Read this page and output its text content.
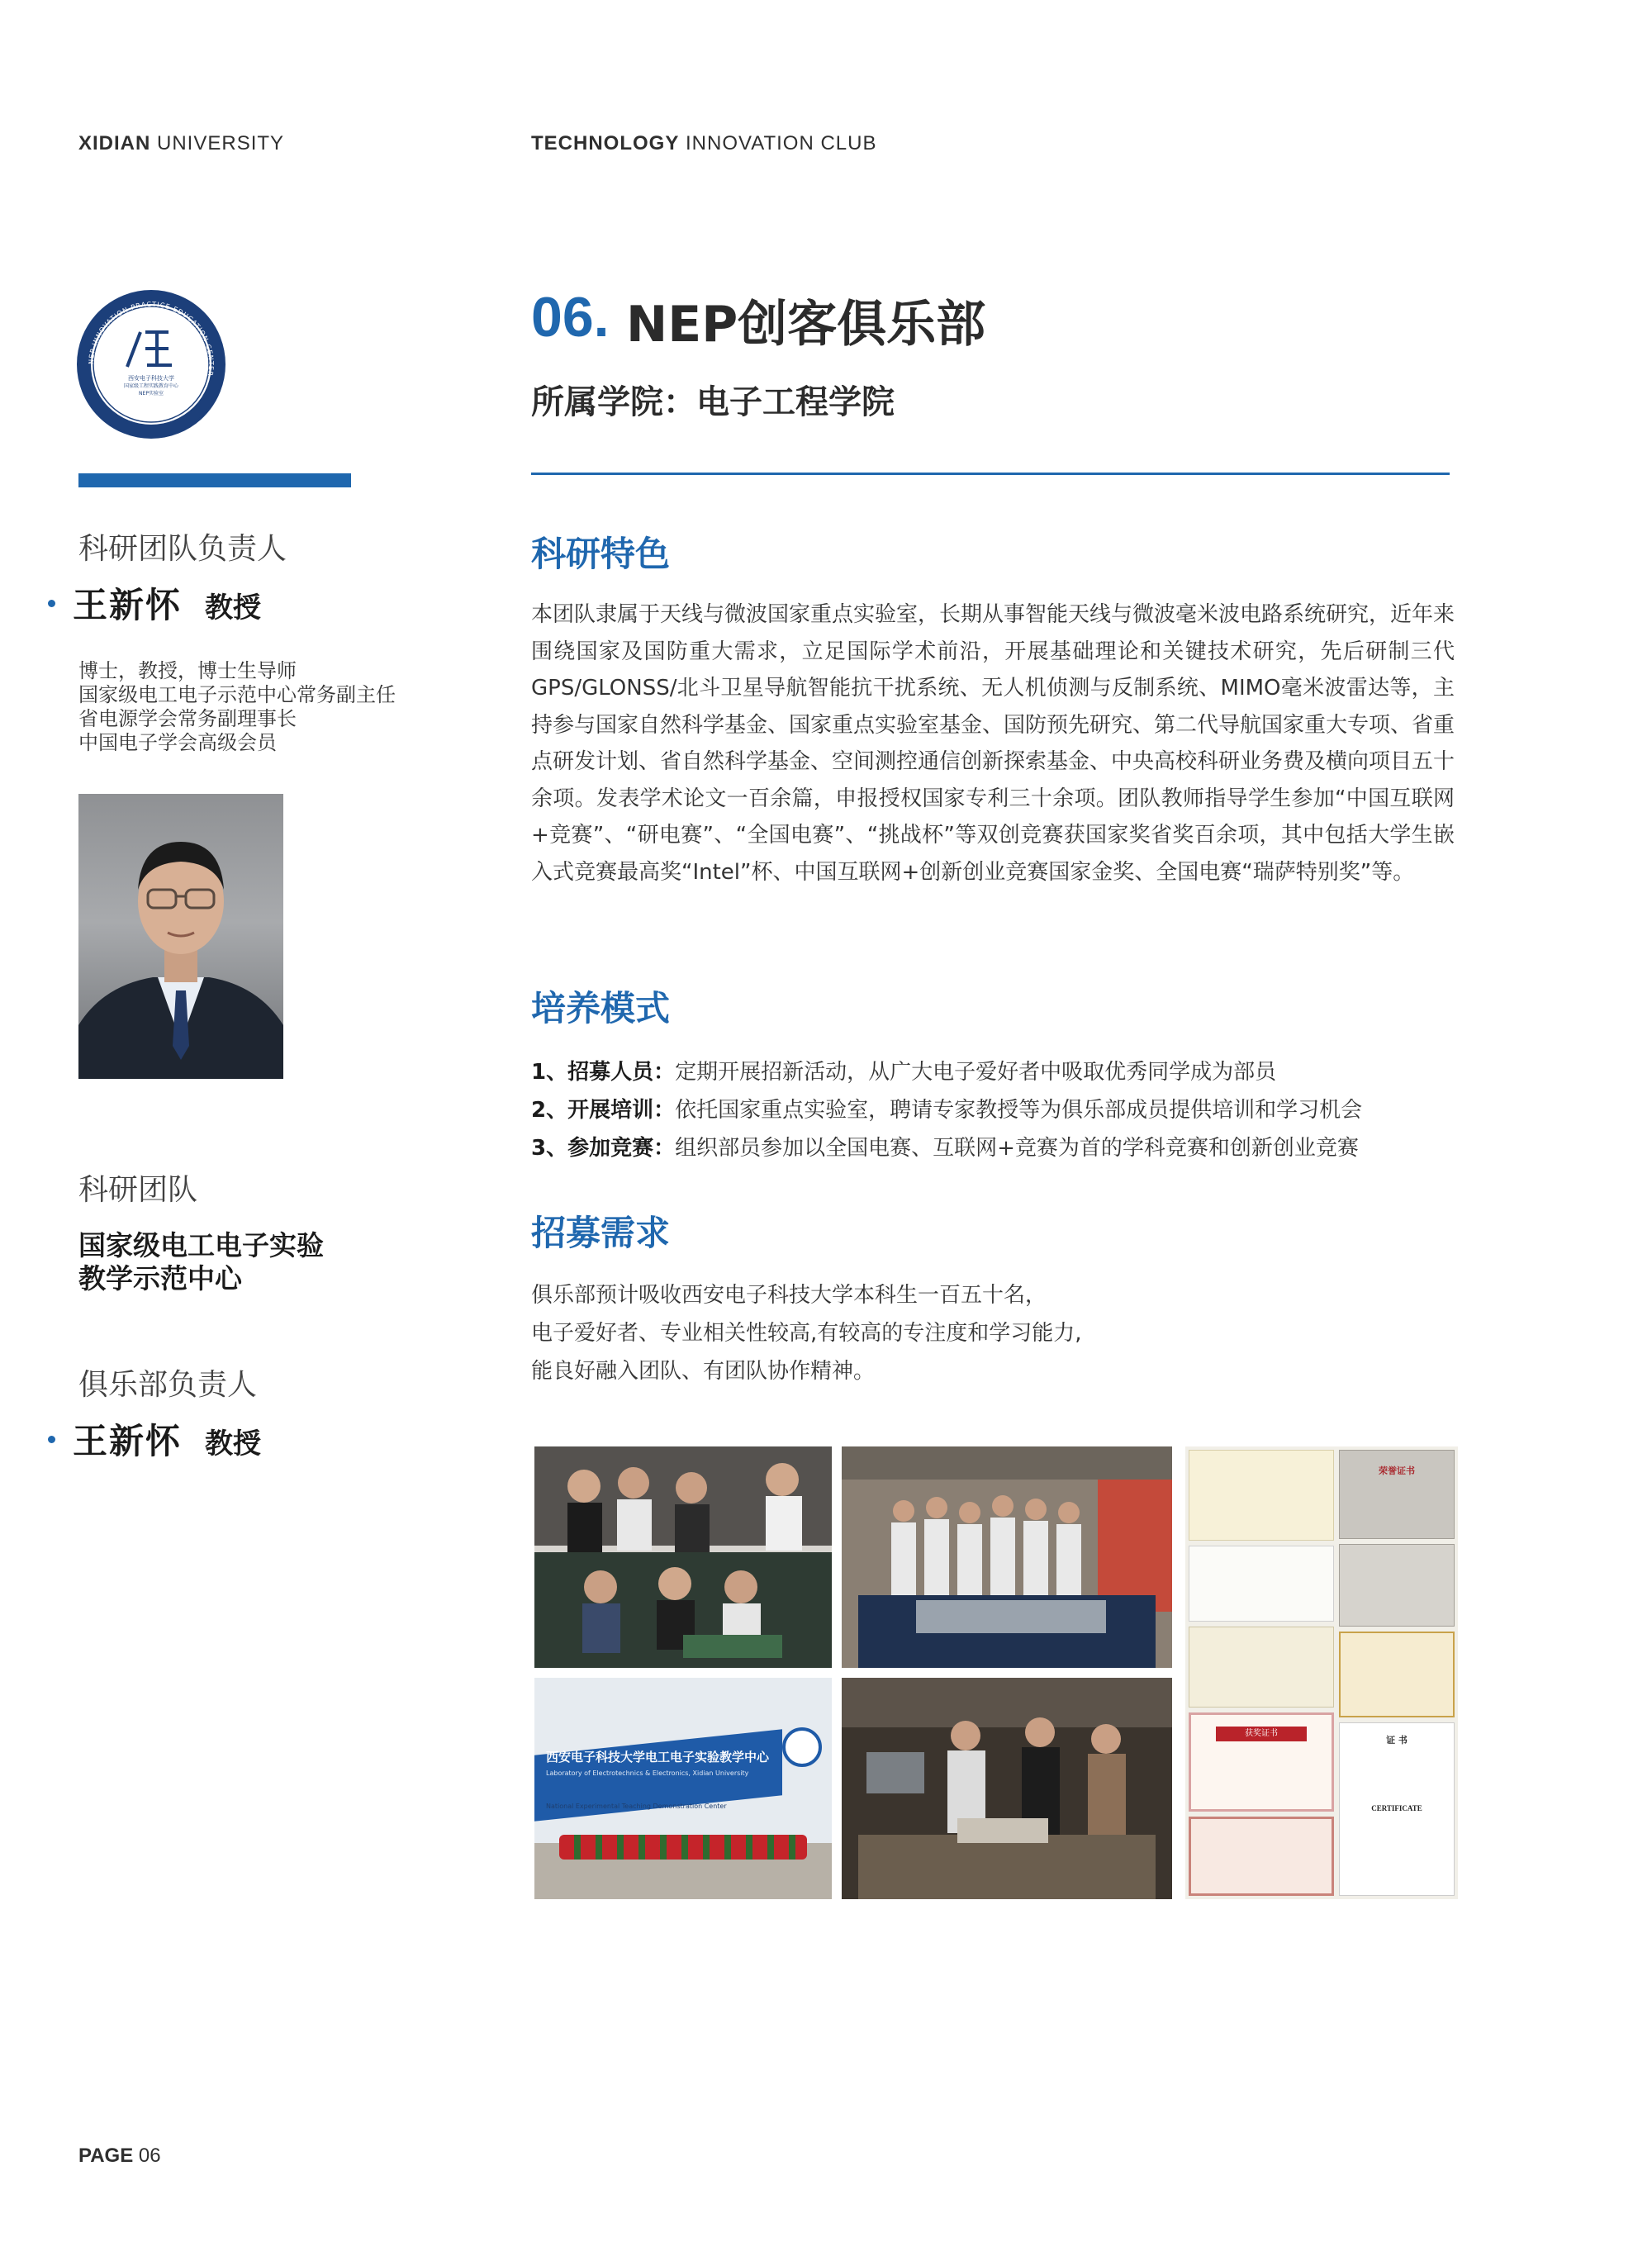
XIDIAN UNIVERSITY	TECHNOLOGY INNOVATION CLUB
NEP INNOVATION PRACTICE EDUCATION CENTER
西安电子科技大学
国家级工程实践教育中心
NEP实验室
科研团队负责人
王新怀 教授
博士，教授，博士生导师
国家级电工电子示范中心常务副主任
省电源学会常务副理事长
中国电子学会高级会员
科研团队
国家级电工电子实验
教学示范中心
俱乐部负责人
王新怀 教授
06. NEP创客俱乐部
所属学院：电子工程学院
科研特色

本团队隶属于天线与微波国家重点实验室，长期从事智能天线与微波毫米波电路系统研究，近年来围绕国家及国防重大需求，立足国际学术前沿，开展基础理论和关键技术研究，先后研制三代GPS/GLONSS/北斗卫星导航智能抗干扰系统、无人机侦测与反制系统、MIMO毫米波雷达等，主持参与国家自然科学基金、国家重点实验室基金、国防预先研究、第二代导航国家重大专项、省重点研发计划、省自然科学基金、空间测控通信创新探索基金、中央高校科研业务费及横向项目五十余项。发表学术论文一百余篇，申报授权国家专利三十余项。团队教师指导学生参加“中国互联网+竞赛”、“研电赛”、“全国电赛”、“挑战杯”等双创竞赛获国家奖省奖百余项，其中包括大学生嵌入式竞赛最高奖“Intel”杯、中国互联网+创新创业竞赛国家金奖、全国电赛“瑞萨特别奖”等。

培养模式
1、招募人员：定期开展招新活动，从广大电子爱好者中吸取优秀同学成为部员
2、开展培训：依托国家重点实验室，聘请专家教授等为俱乐部成员提供培训和学习机会
3、参加竞赛：组织部员参加以全国电赛、互联网+竞赛为首的学科竞赛和创新创业竞赛
招募需求
俱乐部预计吸收西安电子科技大学本科生一百五十名，
电子爱好者、专业相关性较高,有较高的专注度和学习能力,
能良好融入团队、有团队协作精神。
西安电子科技大学电工电子实验教学中心
Laboratory of Electrotechnics & Electronics, Xidian University
National Experimental Teaching Demonstration Center
荣誉证书
获奖证书
证 书
CERTIFICATE
PAGE 06
